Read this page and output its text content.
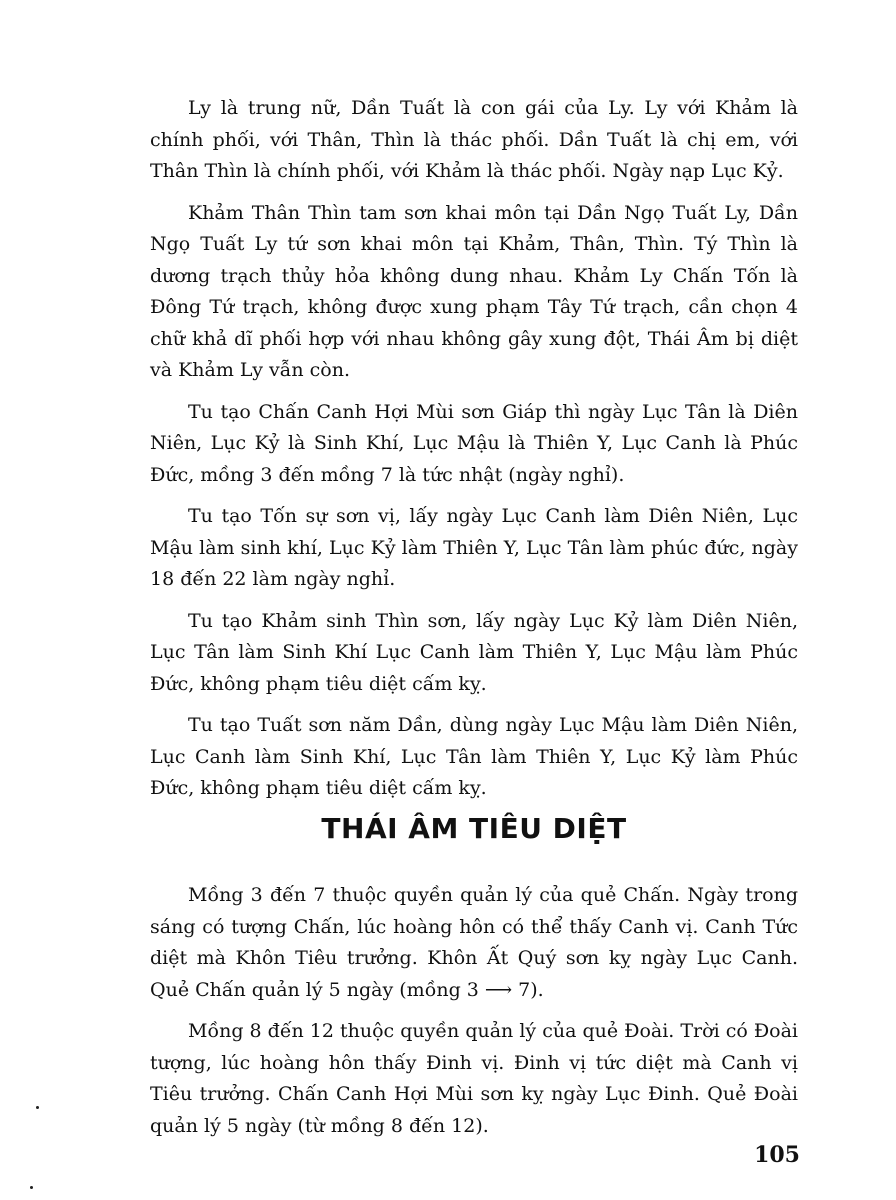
Ly là trung nữ, Dần Tuất là con gái của Ly. Ly với Khảm là chính phối, với Thân, Thìn là thác phối. Dần Tuất là chị em, với Thân Thìn là chính phối, với Khảm là thác phối. Ngày nạp Lục Kỷ.

Khảm Thân Thìn tam sơn khai môn tại Dần Ngọ Tuất Ly, Dần Ngọ Tuất Ly tứ sơn khai môn tại Khảm, Thân, Thìn. Tý Thìn là dương trạch thủy hỏa không dung nhau. Khảm Ly Chấn Tốn là Đông Tứ trạch, không được xung phạm Tây Tứ trạch, cần chọn 4 chữ khả dĩ phối hợp với nhau không gây xung đột, Thái Âm bị diệt và Khảm Ly vẫn còn.

Tu tạo Chấn Canh Hợi Mùi sơn Giáp thì ngày Lục Tân là Diên Niên, Lục Kỷ là Sinh Khí, Lục Mậu là Thiên Y, Lục Canh là Phúc Đức, mồng 3 đến mồng 7 là tức nhật (ngày nghỉ).

Tu tạo Tốn sự sơn vị, lấy ngày Lục Canh làm Diên Niên, Lục Mậu làm sinh khí, Lục Kỷ làm Thiên Y, Lục Tân làm phúc đức, ngày 18 đến 22 làm ngày nghỉ.

Tu tạo Khảm sinh Thìn sơn, lấy ngày Lục Kỷ làm Diên Niên, Lục Tân làm Sinh Khí Lục Canh làm Thiên Y, Lục Mậu làm Phúc Đức, không phạm tiêu diệt cấm kỵ.

Tu tạo Tuất sơn năm Dần, dùng ngày Lục Mậu làm Diên Niên, Lục Canh làm Sinh Khí, Lục Tân làm Thiên Y, Lục Kỷ làm Phúc Đức, không phạm tiêu diệt cấm kỵ.

THÁI ÂM TIÊU DIỆT

Mồng 3 đến 7 thuộc quyền quản lý của quẻ Chấn. Ngày trong sáng có tượng Chấn, lúc hoàng hôn có thể thấy Canh vị. Canh Tức diệt mà Khôn Tiêu trưởng. Khôn Ất Quý sơn kỵ ngày Lục Canh. Quẻ Chấn quản lý 5 ngày (mồng 3 ⟶ 7).

Mồng 8 đến 12 thuộc quyền quản lý của quẻ Đoài. Trời có Đoài tượng, lúc hoàng hôn thấy Đinh vị. Đinh vị tức diệt mà Canh vị Tiêu trưởng. Chấn Canh Hợi Mùi sơn kỵ ngày Lục Đinh. Quẻ Đoài quản lý 5 ngày (từ mồng 8 đến 12).

105
